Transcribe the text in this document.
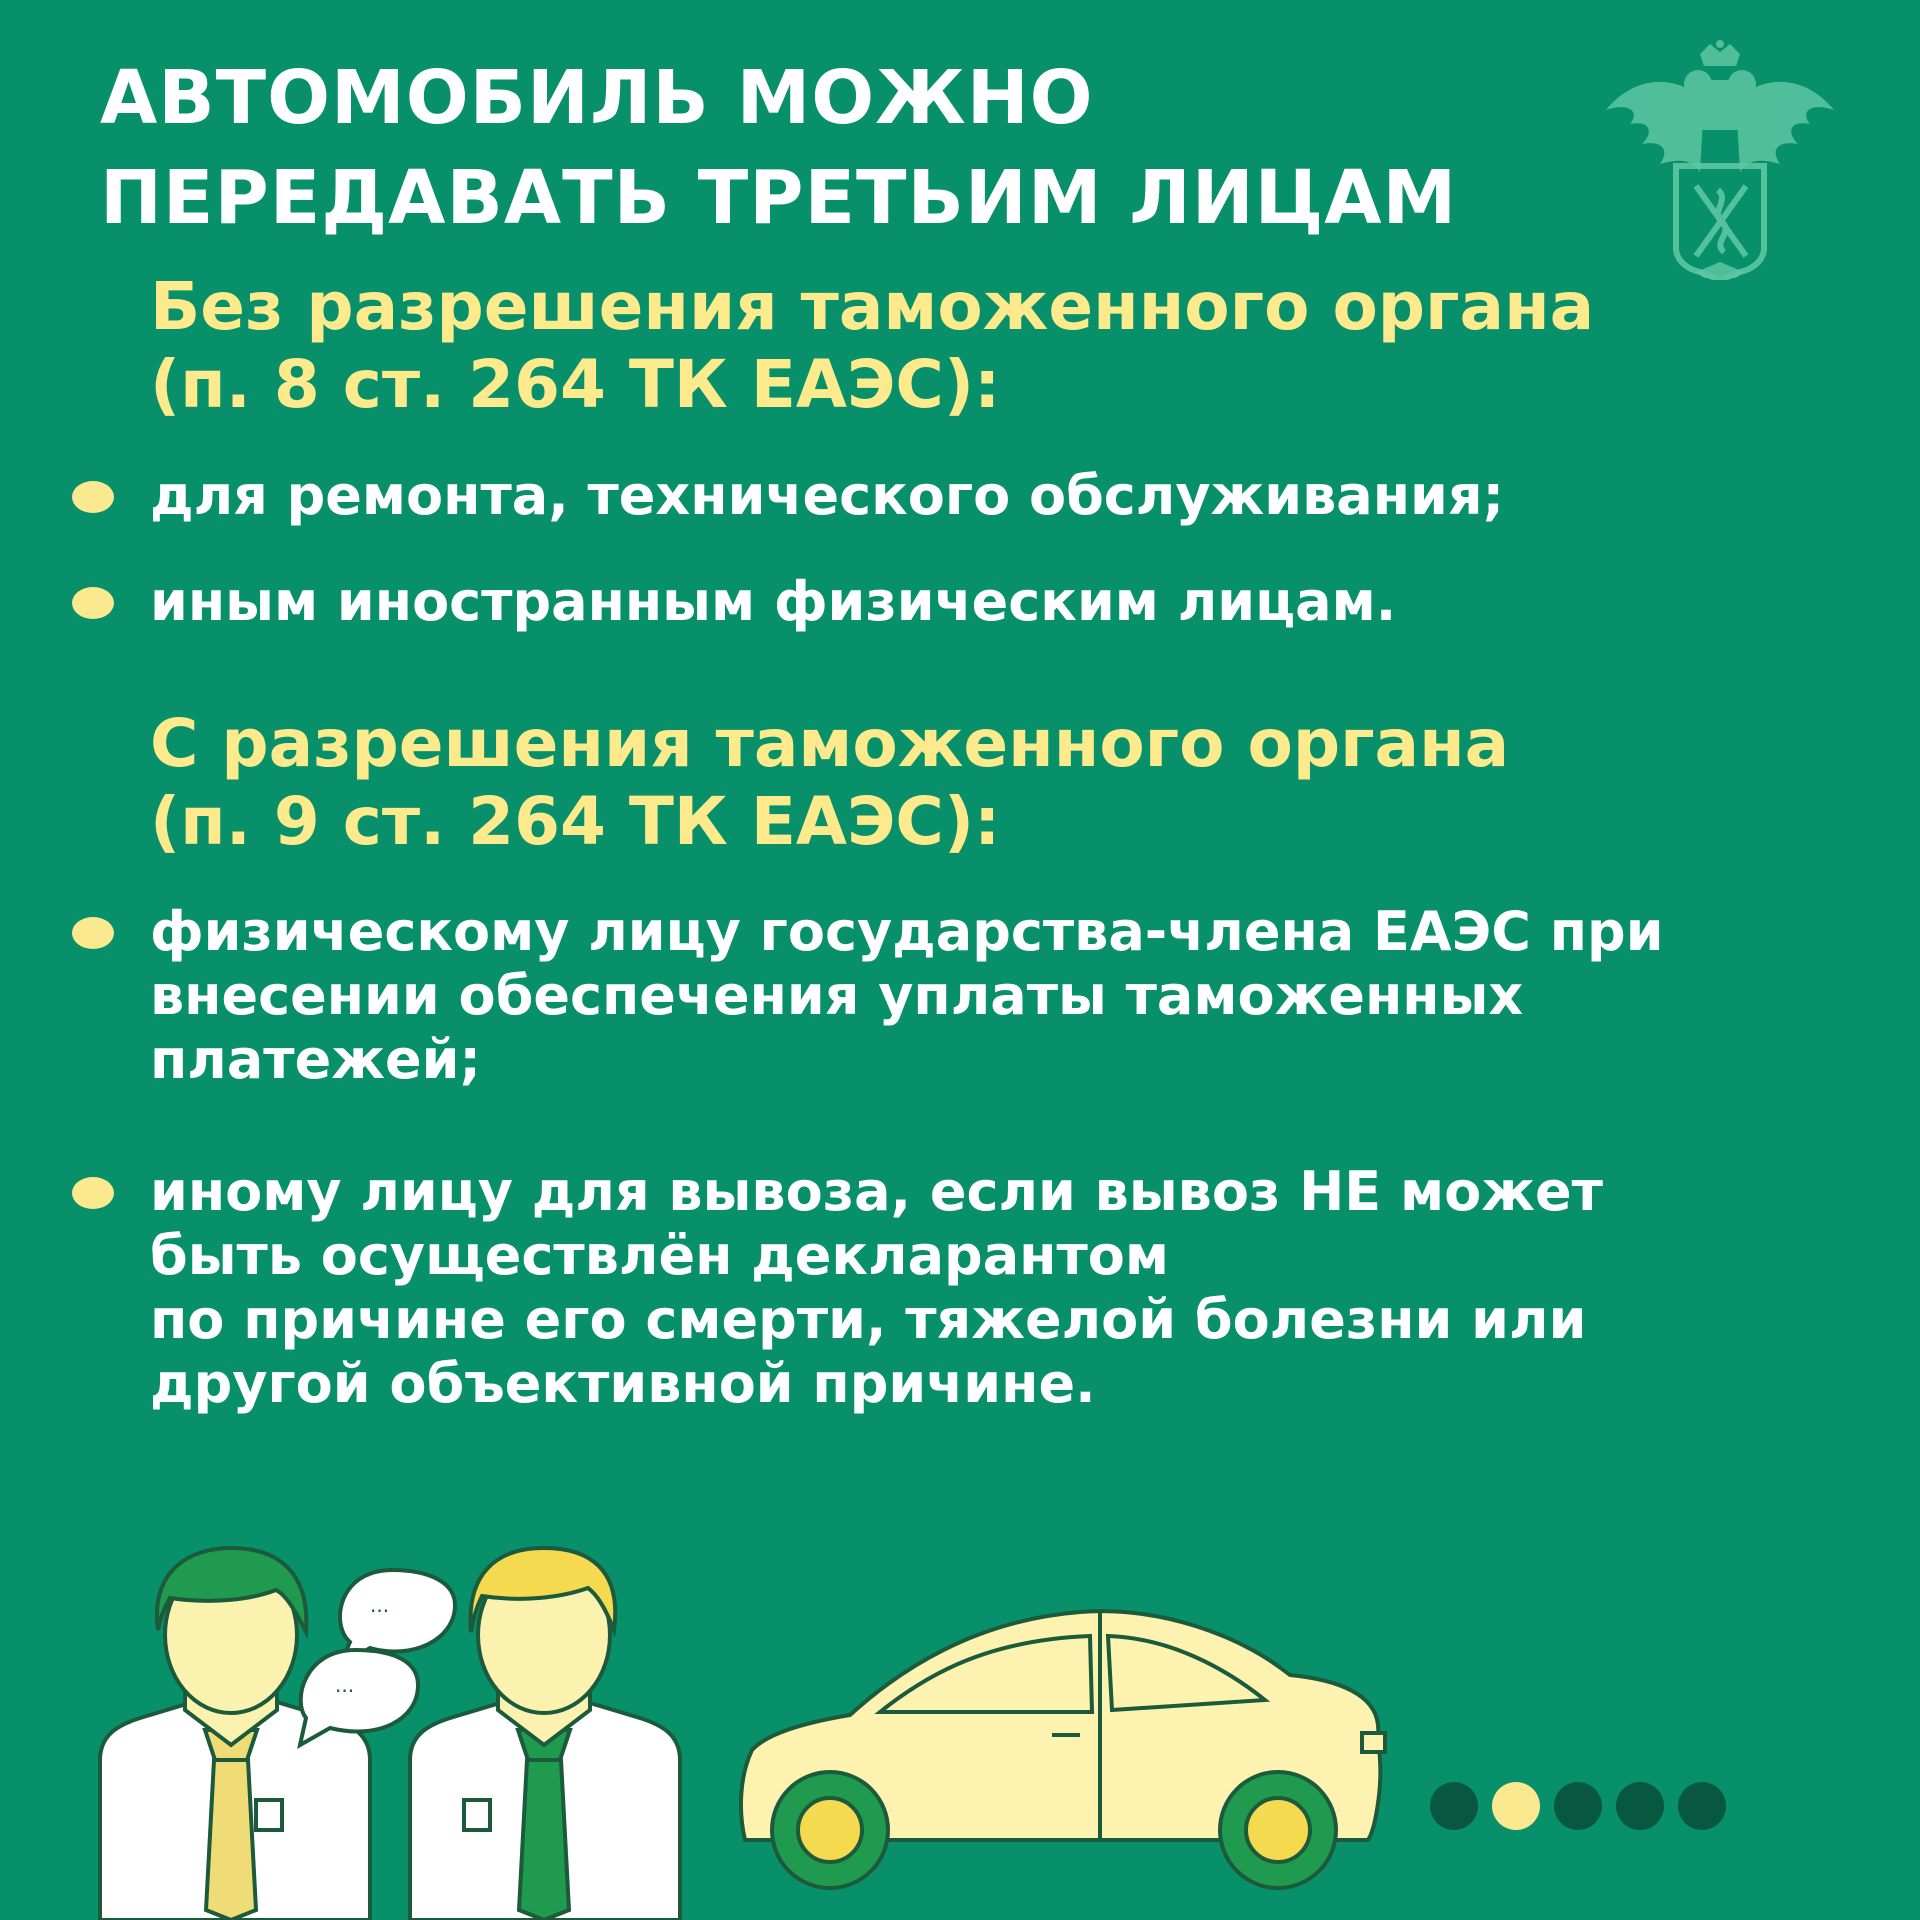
АВТОМОБИЛЬ МОЖНО
ПЕРЕДАВАТЬ ТРЕТЬИМ ЛИЦАМ
Без разрешения таможенного органа
(п. 8 ст. 264 ТК ЕАЭС):
для ремонта, технического обслуживания;
иным иностранным физическим лицам.
С разрешения таможенного органа
(п. 9 ст. 264 ТК ЕАЭС):
физическому лицу государства-члена ЕАЭС при
внесении обеспечения уплаты таможенных
платежей;
иному лицу для вывоза, если вывоз НЕ может
быть осуществлён декларантом
по причине его смерти, тяжелой болезни или
другой объективной причине.
...
...
